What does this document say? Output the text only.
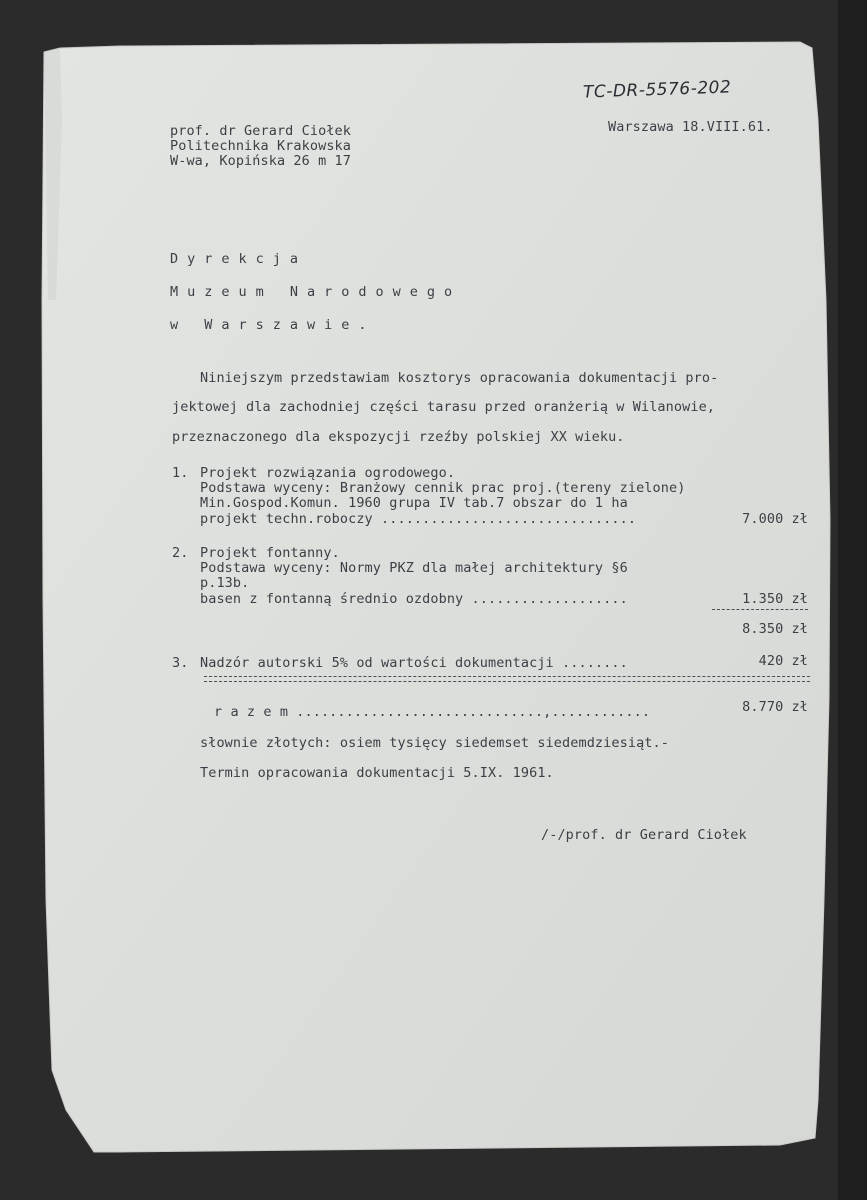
TC-DR-5576-202
prof. dr Gerard Ciołek
Politechnika Krakowska
W-wa, Kopińska 26 m 17
Warszawa 18.VIII.61.
Dyrekcja
Muzeum Narodowego
w Warszawie.
Niniejszym przedstawiam kosztorys opracowania dokumentacji pro-
jektowej dla zachodniej części tarasu przed oranżerią w Wilanowie,
przeznaczonego dla ekspozycji rzeźby polskiej XX wieku.
1. Projekt rozwiązania ogrodowego.
Podstawa wyceny: Branżowy cennik prac proj.(tereny zielone)
Min.Gospod.Komun. 1960 grupa IV tab.7 obszar do 1 ha
projekt techn.roboczy ...............................	7.000 zł
2. Projekt fontanny.
Podstawa wyceny: Normy PKZ dla małej architektury §6
p.13b.
basen z fontanną średnio ozdobny ...................	1.350 zł
8.350 zł
3. Nadzór autorski 5% od wartości dokumentacji ........	420 zł
r a z e m ..............................,............	8.770 zł
słownie złotych: osiem tysięcy siedemset siedemdziesiąt.-
Termin opracowania dokumentacji 5.IX. 1961.
/-/prof. dr Gerard Ciołek
